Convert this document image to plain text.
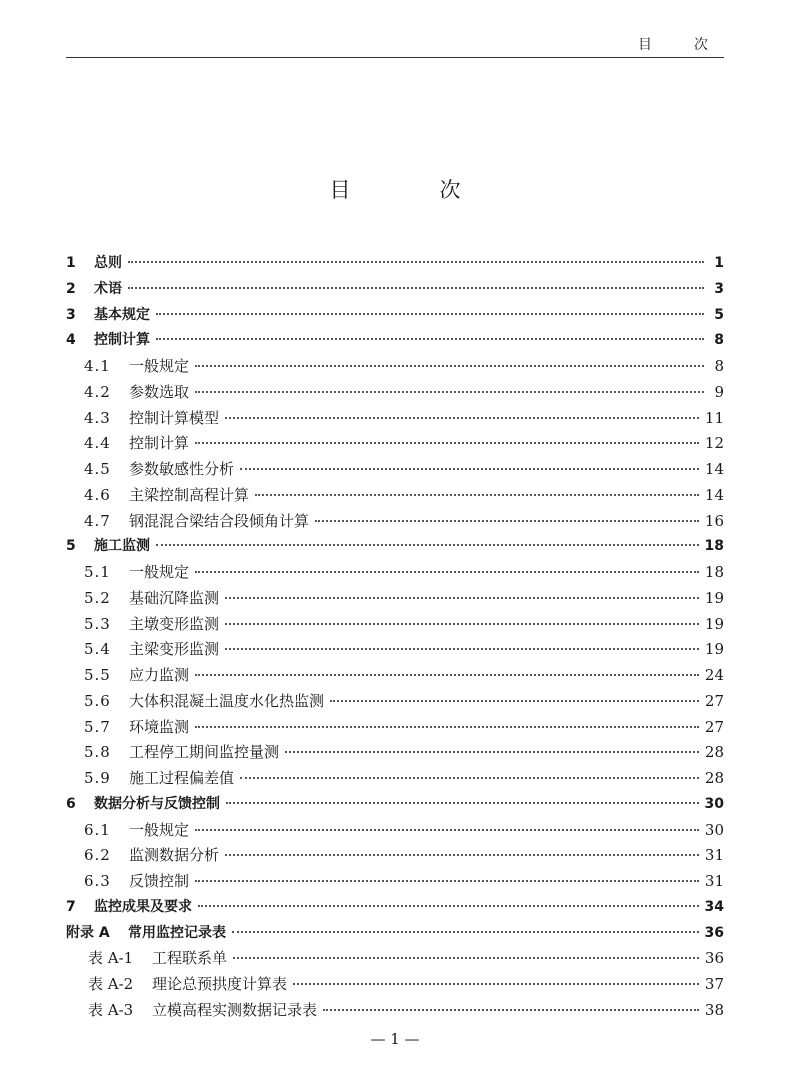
目　次
目　次
1	总则	1
2	术语	3
3	基本规定	5
4	控制计算	8
4.1	一般规定	8
4.2	参数选取	9
4.3	控制计算模型	11
4.4	控制计算	12
4.5	参数敏感性分析	14
4.6	主梁控制高程计算	14
4.7	钢混混合梁结合段倾角计算	16
5	施工监测	18
5.1	一般规定	18
5.2	基础沉降监测	19
5.3	主墩变形监测	19
5.4	主梁变形监测	19
5.5	应力监测	24
5.6	大体积混凝土温度水化热监测	27
5.7	环境监测	27
5.8	工程停工期间监控量测	28
5.9	施工过程偏差值	28
6	数据分析与反馈控制	30
6.1	一般规定	30
6.2	监测数据分析	31
6.3	反馈控制	31
7	监控成果及要求	34
附录 A	常用监控记录表	36
表 A-1	工程联系单	36
表 A-2	理论总预拱度计算表	37
表 A-3	立模高程实测数据记录表	38
— 1 —
